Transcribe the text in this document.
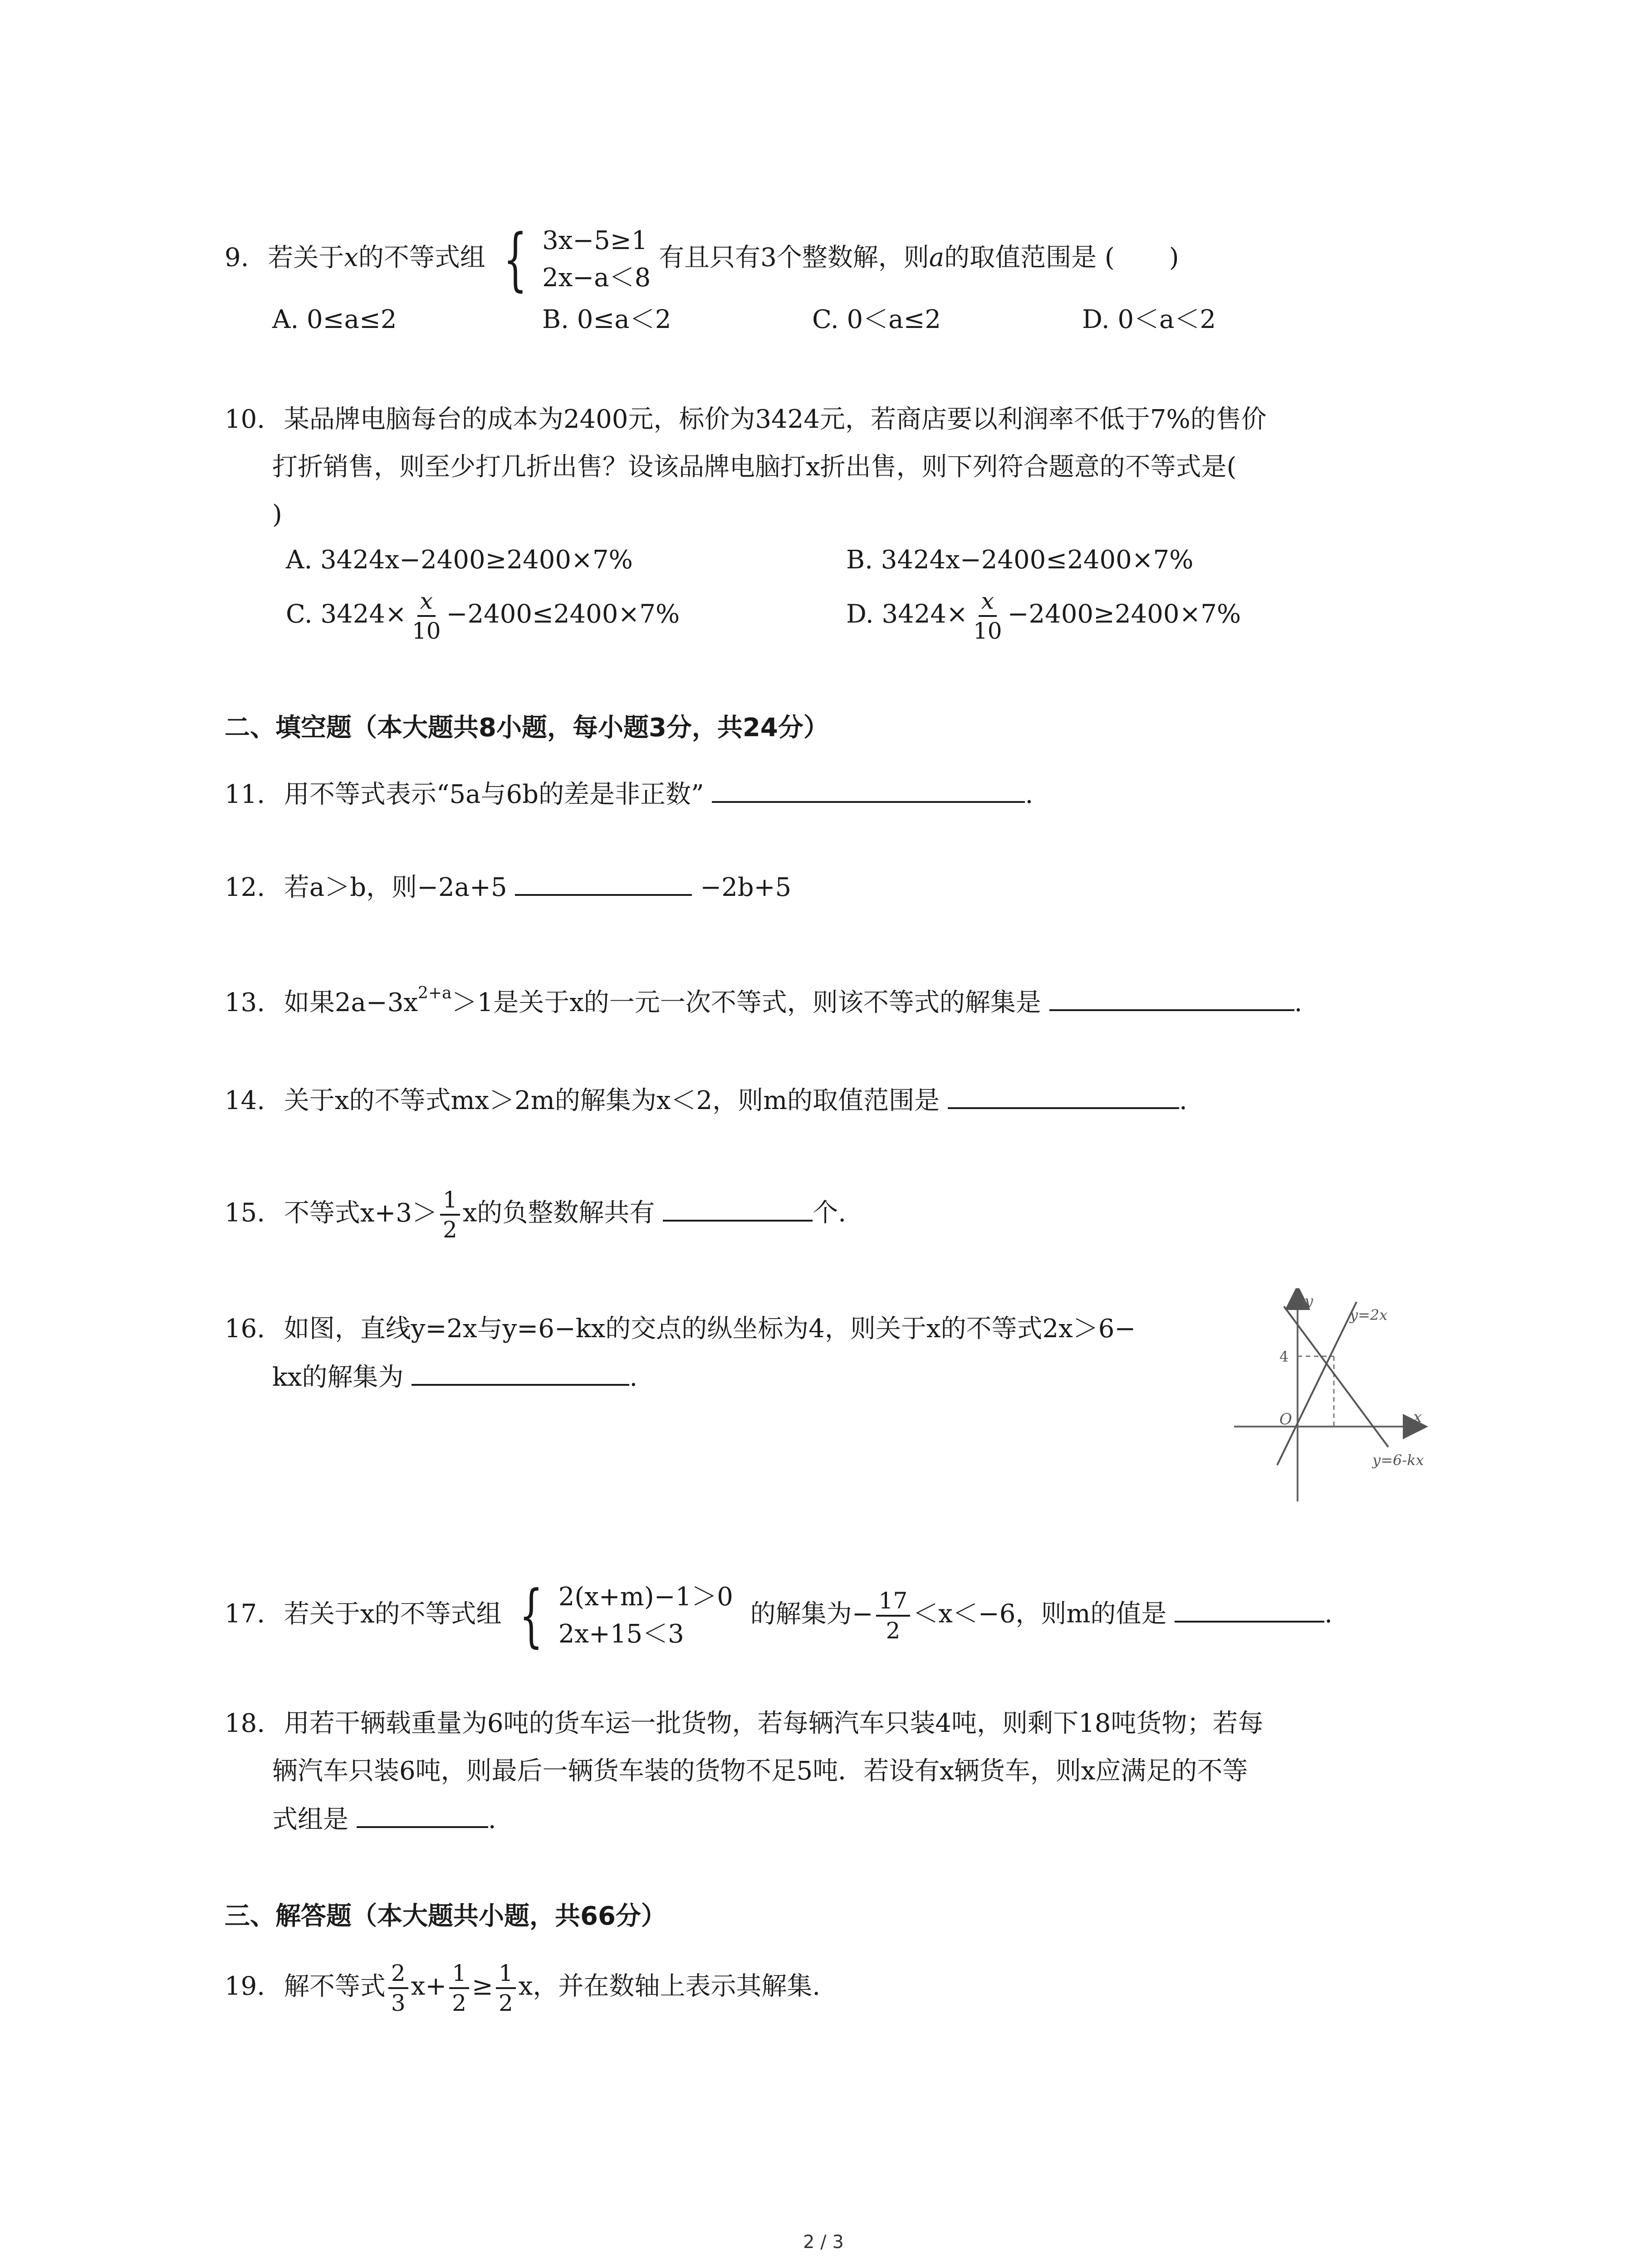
9. 若关于x的不等式组 { 3x−5≥1
2x−a＜8
有且只有3个整数解，则a的取值范围是 ( )
A. 0≤a≤2	B. 0≤a＜2	C. 0＜a≤2	D. 0＜a＜2
10. 某品牌电脑每台的成本为2400元，标价为3424元，若商店要以利润率不低于7%的售价
打折销售，则至少打几折出售？设该品牌电脑打x折出售，则下列符合题意的不等式是(
)
A. 3424x−2400≥2400×7%	B. 3424x−2400≤2400×7%
C. $3424\times \frac{x}{10} -2400\le 2400\times 7\%$	D. $3424\times \frac{x}{10} -2400\ge 2400\times 7\%$
二、填空题（本大题共8小题，每小题3分，共24分）
11. 用不等式表示“5a与6b的差是非正数”	.
12. 若a＞b，则−2a+5	−2b+5
13. 如果$2a-3x^{2+a}>1$是关于x的一元一次不等式，则该不等式的解集是	.
14. 关于x的不等式mx＞2m的解集为x＜2，则m的取值范围是	.
15. 不等式$x+3> \frac{1}{2}$ x的负整数解共有	个.
16. 如图，直线y=2x与y=6−kx的交点的纵坐标为4，则关于x的不等式2x＞6−
kx的解集为	.
y
x
O
4
y=2x
y=6-kx
17. 若关于x的不等式组 { 2(x+m)−1＞0
2x+15＜3
的解集为− $\frac{17}{2} <x<-6$，则m的值是	.
18. 用若干辆载重量为6吨的货车运一批货物，若每辆汽车只装4吨，则剩下18吨货物；若每
辆汽车只装6吨，则最后一辆货车装的货物不足5吨．若设有x辆货车，则x应满足的不等
式组是	.
三、解答题（本大题共小题，共66分）
19. 解不等式 $\frac{2}{3} x+ \frac{1}{2} \ge \frac{1}{2}$ x，并在数轴上表示其解集.
2 / 3
